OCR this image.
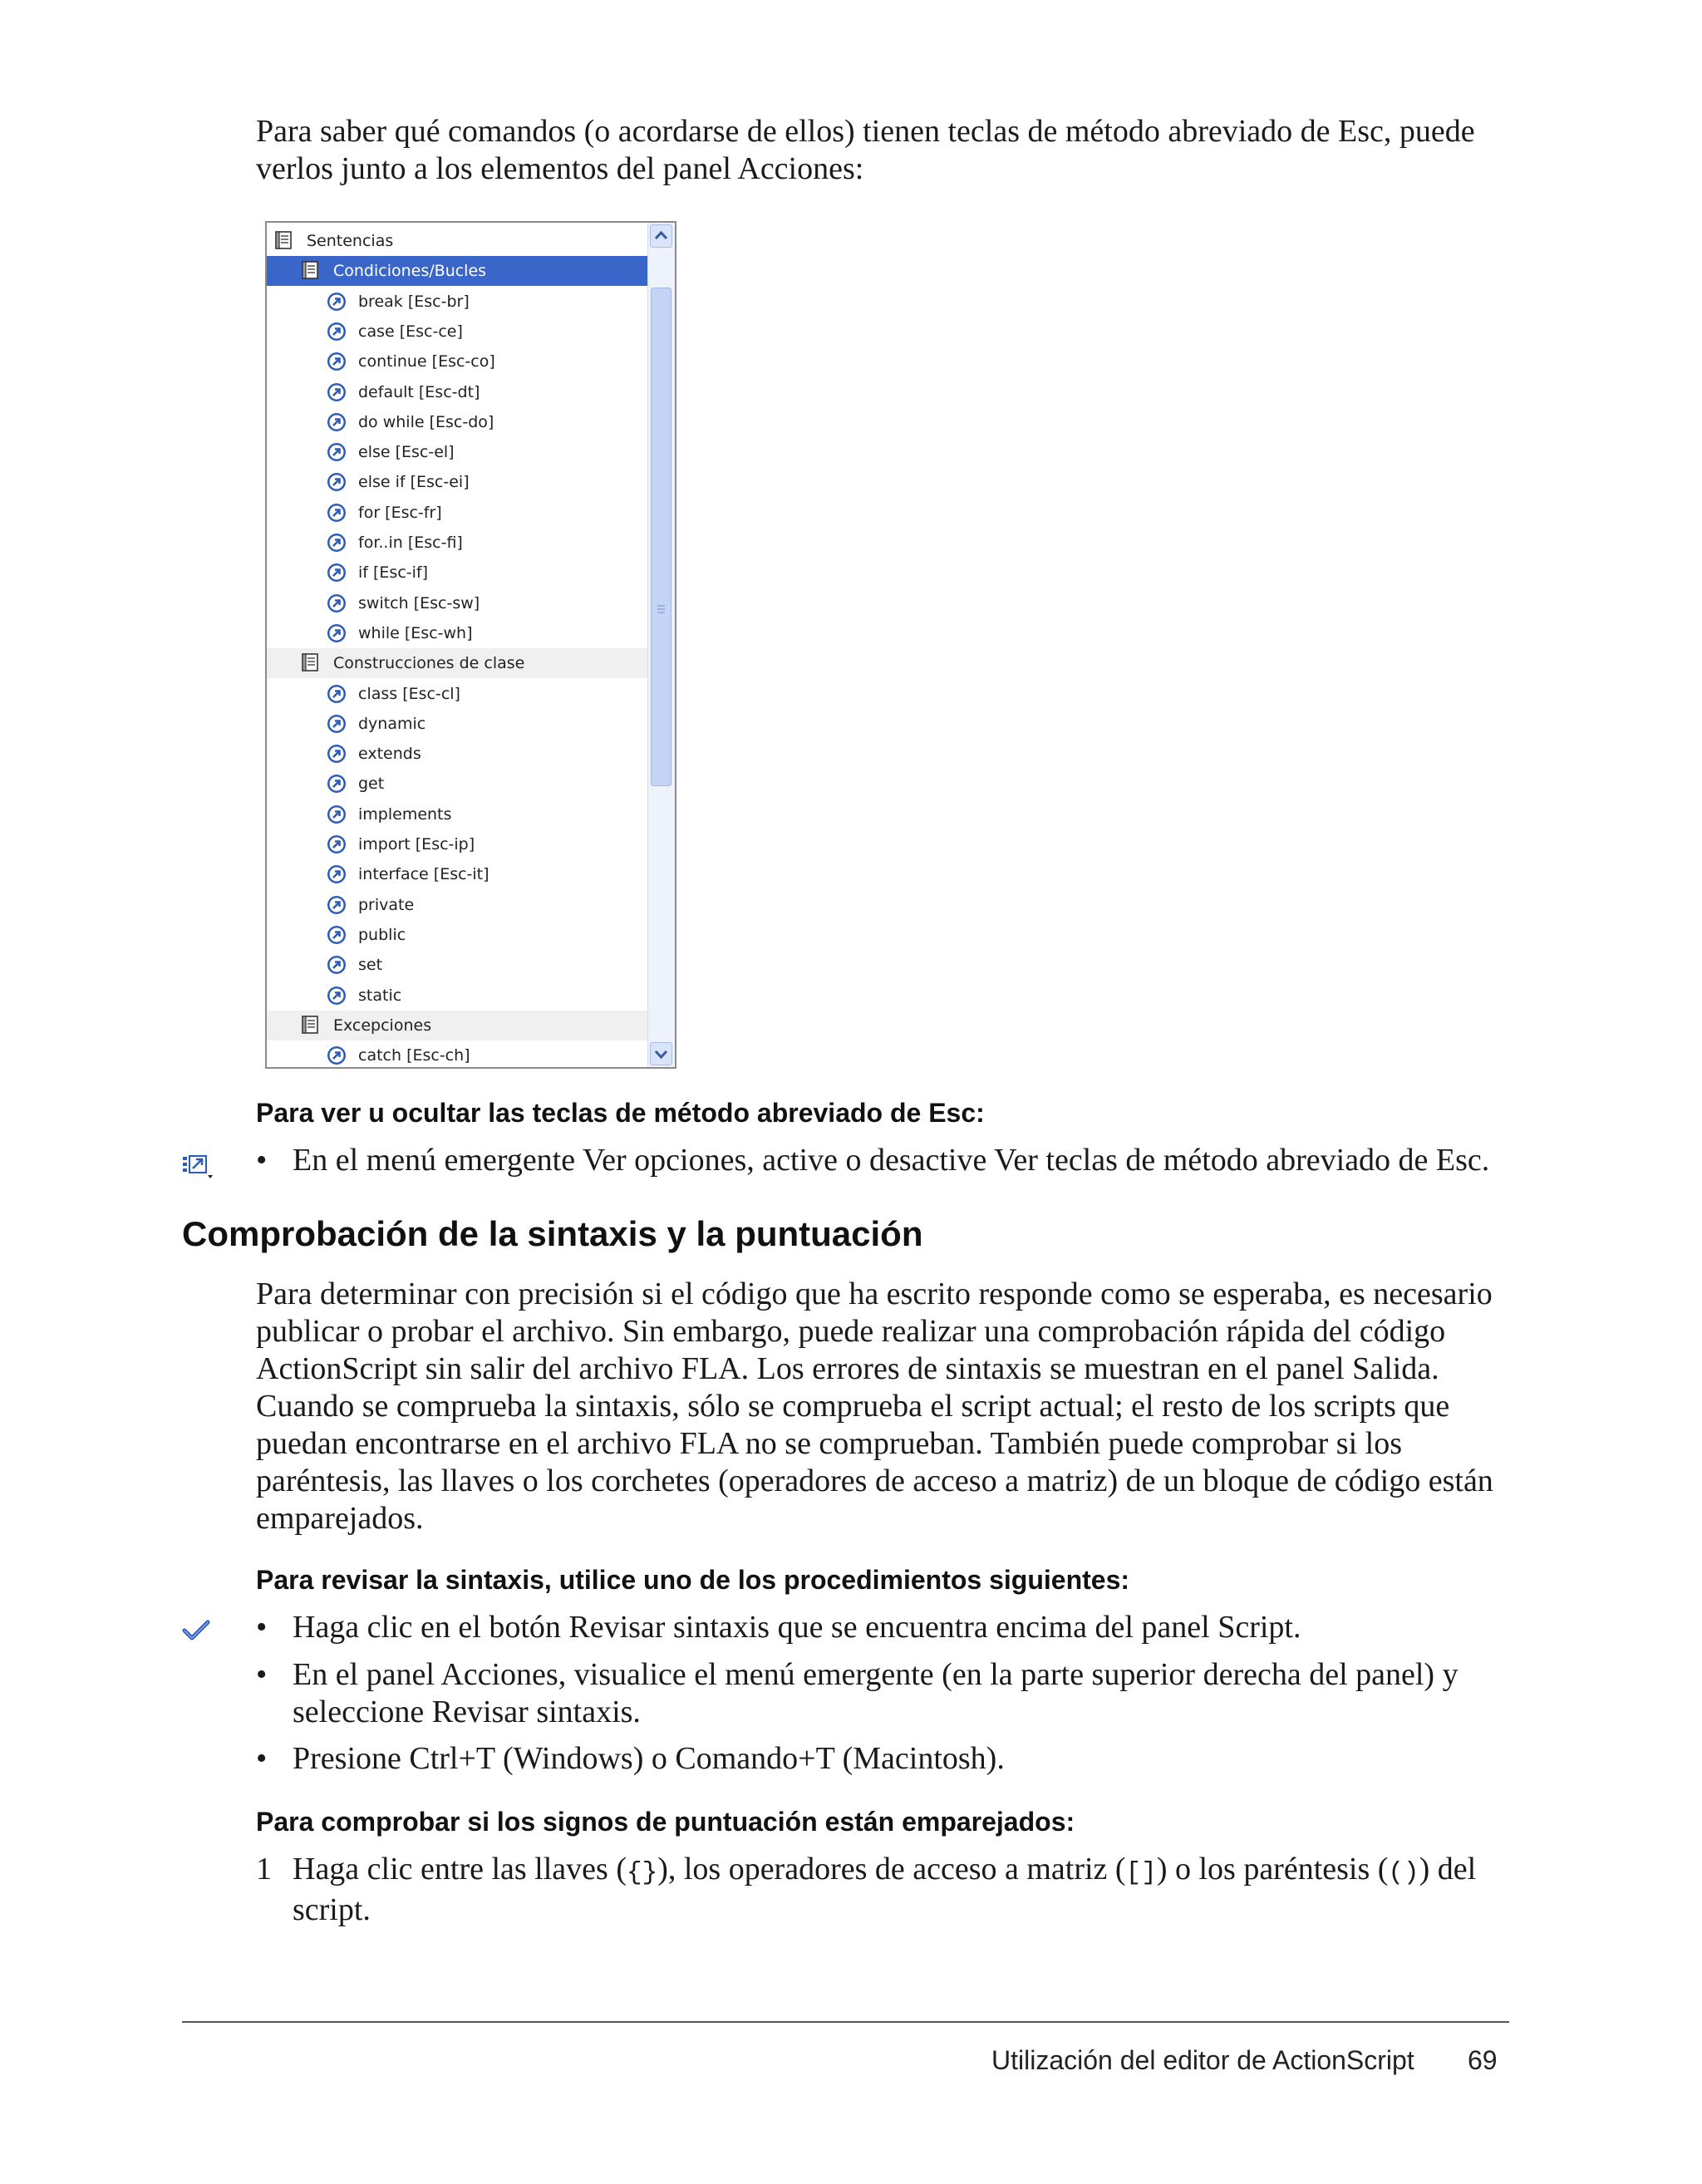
Para saber qué comandos (o acordarse de ellos) tienen teclas de método abreviado de Esc, puede
verlos junto a los elementos del panel Acciones:
Sentencias
Condiciones/Bucles
break [Esc-br]
case [Esc-ce]
continue [Esc-co]
default [Esc-dt]
do while [Esc-do]
else [Esc-el]
else if [Esc-ei]
for [Esc-fr]
for..in [Esc-fi]
if [Esc-if]
switch [Esc-sw]
while [Esc-wh]
Construcciones de clase
class [Esc-cl]
dynamic
extends
get
implements
import [Esc-ip]
interface [Esc-it]
private
public
set
static
Excepciones
catch [Esc-ch]
Para ver u ocultar las teclas de método abreviado de Esc:
• En el menú emergente Ver opciones, active o desactive Ver teclas de método abreviado de Esc.
Comprobación de la sintaxis y la puntuación
Para determinar con precisión si el código que ha escrito responde como se esperaba, es necesario
publicar o probar el archivo. Sin embargo, puede realizar una comprobación rápida del código
ActionScript sin salir del archivo FLA. Los errores de sintaxis se muestran en el panel Salida.
Cuando se comprueba la sintaxis, sólo se comprueba el script actual; el resto de los scripts que
puedan encontrarse en el archivo FLA no se comprueban. También puede comprobar si los
paréntesis, las llaves o los corchetes (operadores de acceso a matriz) de un bloque de código están
emparejados.
Para revisar la sintaxis, utilice uno de los procedimientos siguientes:
• Haga clic en el botón Revisar sintaxis que se encuentra encima del panel Script.
• En el panel Acciones, visualice el menú emergente (en la parte superior derecha del panel) y
seleccione Revisar sintaxis.
• Presione Ctrl+T (Windows) o Comando+T (Macintosh).
Para comprobar si los signos de puntuación están emparejados:
1 Haga clic entre las llaves ({}), los operadores de acceso a matriz ([]) o los paréntesis (()) del
script.
Utilización del editor de ActionScript 69
